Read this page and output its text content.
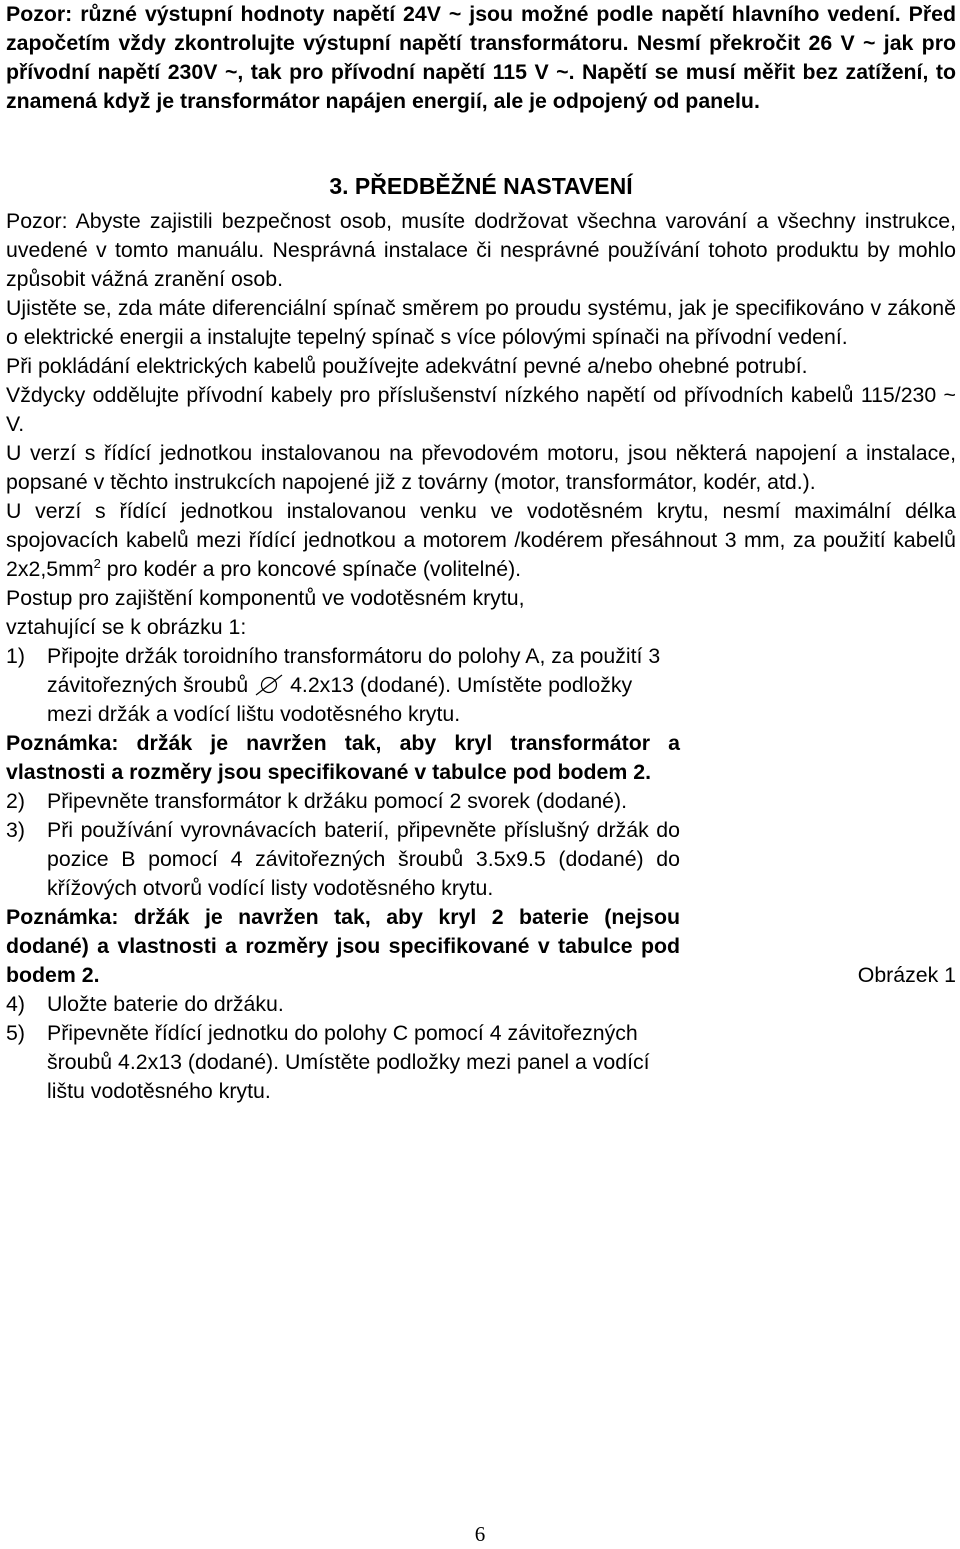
Pozor: různé výstupní hodnoty napětí 24V ~ jsou možné podle napětí hlavního vedení. Před započetím vždy zkontrolujte výstupní napětí transformátoru. Nesmí překročit 26 V ~ jak pro přívodní napětí 230V ~, tak pro přívodní napětí 115 V ~. Napětí se musí měřit bez zatížení, to znamená když je transformátor napájen energií, ale je odpojený od panelu.

3. PŘEDBĚŽNÉ NASTAVENÍ

Pozor: Abyste zajistili bezpečnost osob, musíte dodržovat všechna varování a všechny instrukce, uvedené v tomto manuálu. Nesprávná instalace či nesprávné používání tohoto produktu by mohlo způsobit vážná zranění osob.

Ujistěte se, zda máte diferenciální spínač směrem po proudu systému, jak je specifikováno v zákoně o elektrické energii a instalujte tepelný spínač s více pólovými spínači na přívodní vedení.

Při pokládání elektrických kabelů používejte adekvátní pevné a/nebo ohebné potrubí.

Vždycky oddělujte přívodní kabely pro příslušenství nízkého napětí od přívodních kabelů 115/230 ~ V.

U verzí s řídící jednotkou instalovanou na převodovém motoru, jsou některá napojení a instalace, popsané v těchto instrukcích napojené již z továrny (motor, transformátor, kodér, atd.).

U verzí s řídící jednotkou instalovanou venku ve vodotěsném krytu, nesmí maximální délka spojovacích kabelů mezi řídící jednotkou a motorem /kodérem přesáhnout 3 mm, za použití kabelů $2x2,5mm^2$ pro kodér a pro koncové spínače (volitelné).

Postup pro zajištění komponentů ve vodotěsném krytu,

vztahující se k obrázku 1:

1)	Připojte držák toroidního transformátoru do polohy A, za použití 3 závitořezných šroubů  4.2x13 (dodané). Umístěte podložky mezi držák a vodící lištu vodotěsného krytu.

Poznámka: držák je navržen tak, aby kryl transformátor a vlastnosti a rozměry jsou specifikované v tabulce pod bodem 2.

2)	Připevněte transformátor k držáku pomocí 2 svorek (dodané).
3)	Při používání vyrovnávacích baterií, připevněte příslušný držák do pozice B pomocí 4 závitořezných šroubů 3.5x9.5 (dodané) do křížových otvorů vodící listy vodotěsného krytu.

Poznámka: držák je navržen tak, aby kryl 2 baterie (nejsou dodané) a vlastnosti a rozměry jsou specifikované v tabulce pod bodem 2.	Obrázek 1
4)	Uložte baterie do držáku.
5)	Připevněte řídící jednotku do polohy C pomocí 4 závitořezných šroubů 4.2x13 (dodané). Umístěte podložky mezi panel a vodící lištu vodotěsného krytu.
6
